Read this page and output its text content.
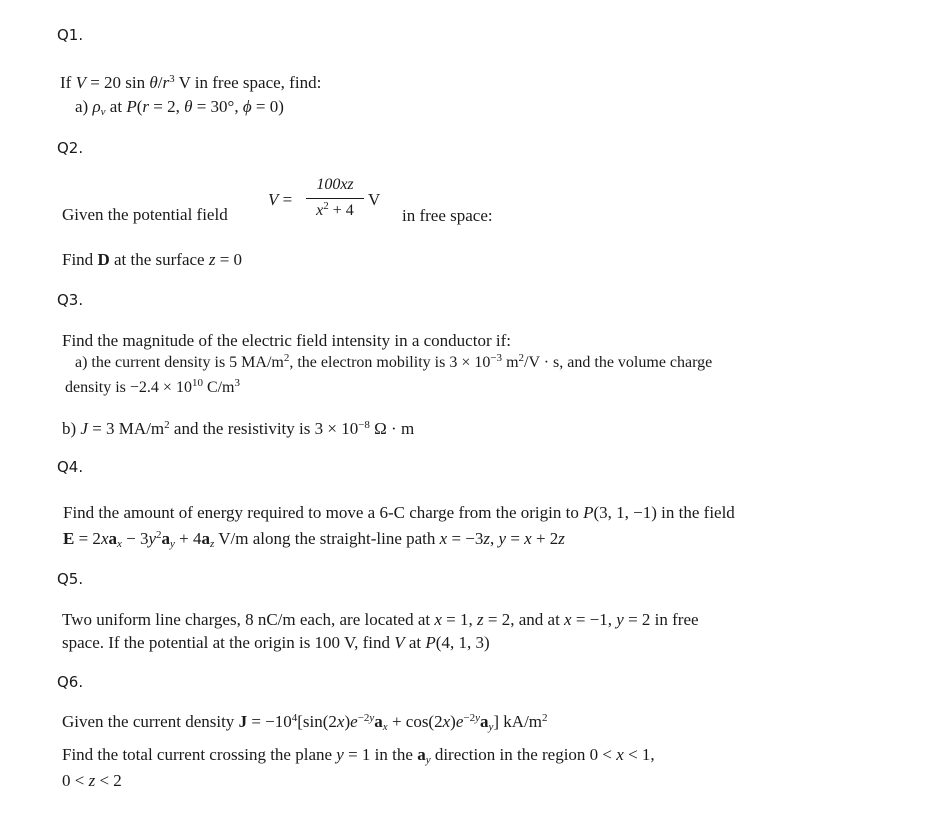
Q1.
If V = 20 $\sin \theta/r^3$ V in free space, find:
a) $\rho_v$ at P(r = 2, θ = 30°, ϕ = 0)
Q2.
Given the potential field
V =
100xz
$x^2 + 4$
V
in free space:
Find D at the surface z = 0
Q3.
Find the magnitude of the electric field intensity in a conductor if:
a) the current density is 5 $MA/m^2$, the electron mobility is $3 \times 10^{-3}$ $m^2/V \cdot s$, and the volume charge
density is $-2.4 \times 10^{10}$ $C/m^3$
b) J = 3 $MA/m^2$ and the resistivity is $3 \times 10^{-8}$ Ω · m
Q4.
Find the amount of energy required to move a 6-C charge from the origin to P(3, 1, −1) in the field
$E = 2xa_x - 3y^2a_y + 4a_z$ V/m along the straight-line path x = −3z, y = x + 2z
Q5.
Two uniform line charges, 8 nC/m each, are located at x = 1, z = 2, and at x = −1, y = 2 in free
space. If the potential at the origin is 100 V, find V at P(4, 1, 3)
Q6.
Given the current density $J = -10^4[\sin(2x)e^{-2y}a_x + \cos(2x)e^{-2y}a_y]$ $kA/m^2$
Find the total current crossing the plane y = 1 in the $a_y$ direction in the region 0 < x < 1,
0 < z < 2
